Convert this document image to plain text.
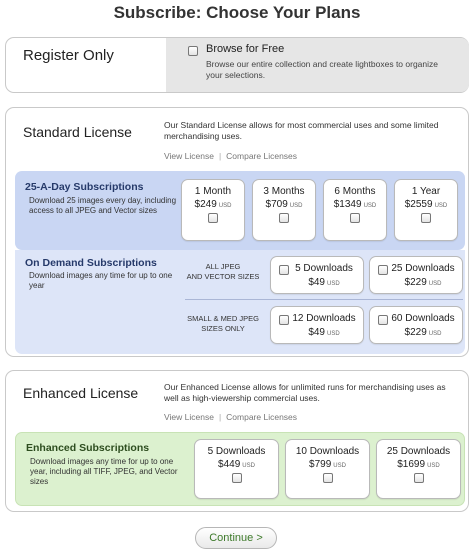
Subscribe: Choose Your Plans
Register Only	Browse for Free
Browse our entire collection and create lightboxes to organize your selections.
Standard License	Our Standard License allows for most commercial uses and some limited merchandising uses.
View License | Compare Licenses
25-A-Day Subscriptions
Download 25 images every day, including access to all JPEG and Vector sizes
1 Month
$249 USD
3 Months
$709 USD
6 Months
$1349 USD
1 Year
$2559 USD
On Demand Subscriptions
Download images any time for up to one year
ALL JPEG
AND VECTOR SIZES
5 Downloads
$49 USD
25 Downloads
$229 USD
SMALL & MED JPEG
SIZES ONLY
12 Downloads
$49 USD
60 Downloads
$229 USD
Enhanced License	Our Enhanced License allows for unlimited runs for merchandising uses as well as high-viewership commercial uses.
View License | Compare Licenses
Enhanced Subscriptions
Download images any time for up to one year, including all TIFF, JPEG, and Vector sizes
5 Downloads
$449 USD
10 Downloads
$799 USD
25 Downloads
$1699 USD
Continue >
